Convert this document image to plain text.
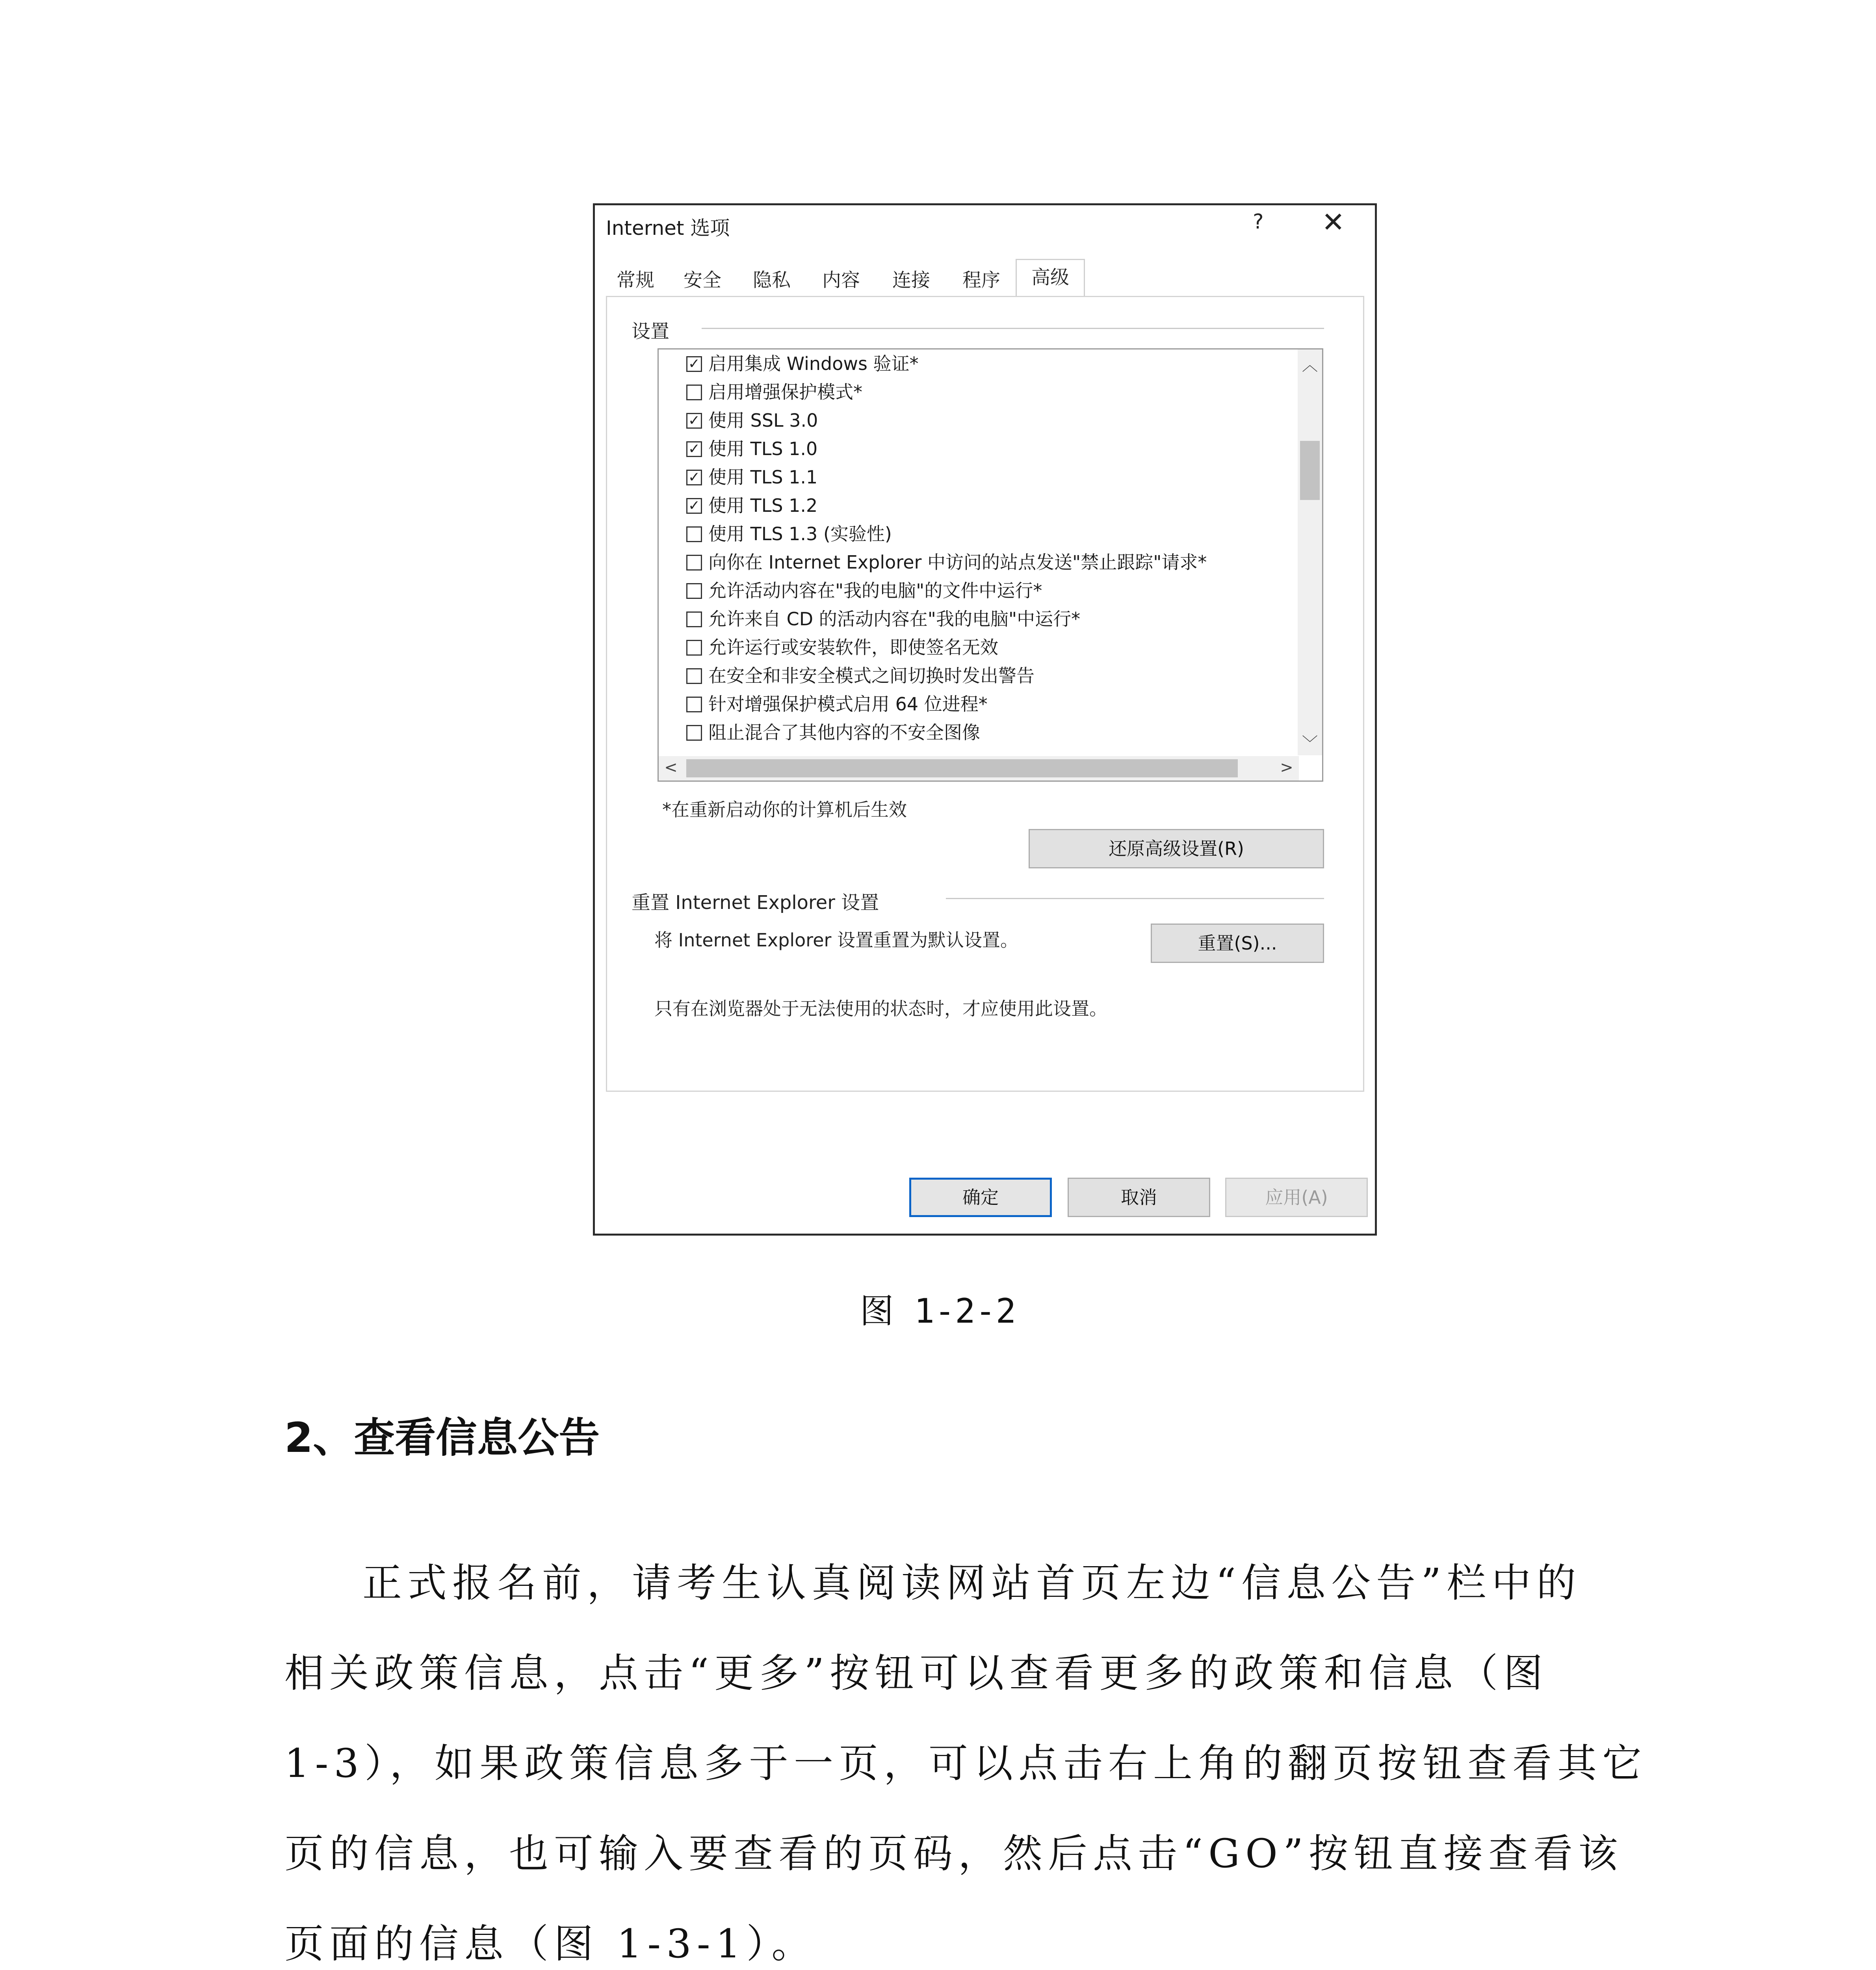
Internet 选项	? ✕
常规	安全	隐私	内容	连接	程序	高级
设置
✓ 启用集成 Windows 验证*
启用增强保护模式*
✓ 使用 SSL 3.0
✓ 使用 TLS 1.0
✓ 使用 TLS 1.1
✓ 使用 TLS 1.2
使用 TLS 1.3 (实验性)
向你在 Internet Explorer 中访问的站点发送"禁止跟踪"请求*
允许活动内容在"我的电脑"的文件中运行*
允许来自 CD 的活动内容在"我的电脑"中运行*
允许运行或安装软件，即使签名无效
在安全和非安全模式之间切换时发出警告
针对增强保护模式启用 64 位进程*
阻止混合了其他内容的不安全图像
︿
﹀
<	>
*在重新启动你的计算机后生效
还原高级设置(R)
重置 Internet Explorer 设置
将 Internet Explorer 设置重置为默认设置。	重置(S)...
只有在浏览器处于无法使用的状态时，才应使用此设置。
确定	取消	应用(A)
图 1-2-2
2、查看信息公告
正式报名前，请考生认真阅读网站首页左边“信息公告”栏中的
相关政策信息，点击“更多”按钮可以查看更多的政策和信息（图
1-3），如果政策信息多于一页，可以点击右上角的翻页按钮查看其它
页的信息，也可输入要查看的页码，然后点击“GO”按钮直接查看该
页面的信息（图 1-3-1）。
